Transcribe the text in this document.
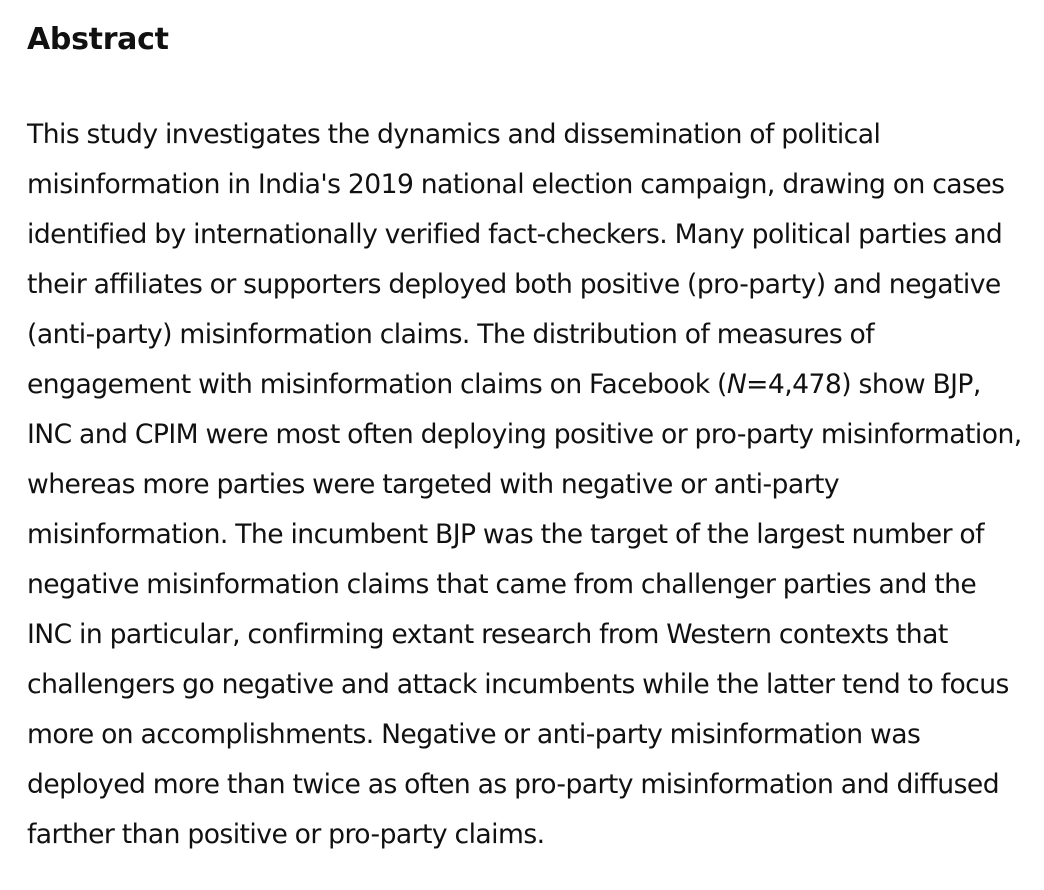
Abstract

This study investigates the dynamics and dissemination of political misinformation in India's 2019 national election campaign, drawing on cases identified by internationally verified fact-checkers. Many political parties and their affiliates or supporters deployed both positive (pro-party) and negative (anti-party) misinformation claims. The distribution of measures of engagement with misinformation claims on Facebook (N=4,478) show BJP, INC and CPIM were most often deploying positive or pro-party misinformation, whereas more parties were targeted with negative or anti-party misinformation. The incumbent BJP was the target of the largest number of negative misinformation claims that came from challenger parties and the INC in particular, confirming extant research from Western contexts that challengers go negative and attack incumbents while the latter tend to focus more on accomplishments. Negative or anti-party misinformation was deployed more than twice as often as pro-party misinformation and diffused farther than positive or pro-party claims.
